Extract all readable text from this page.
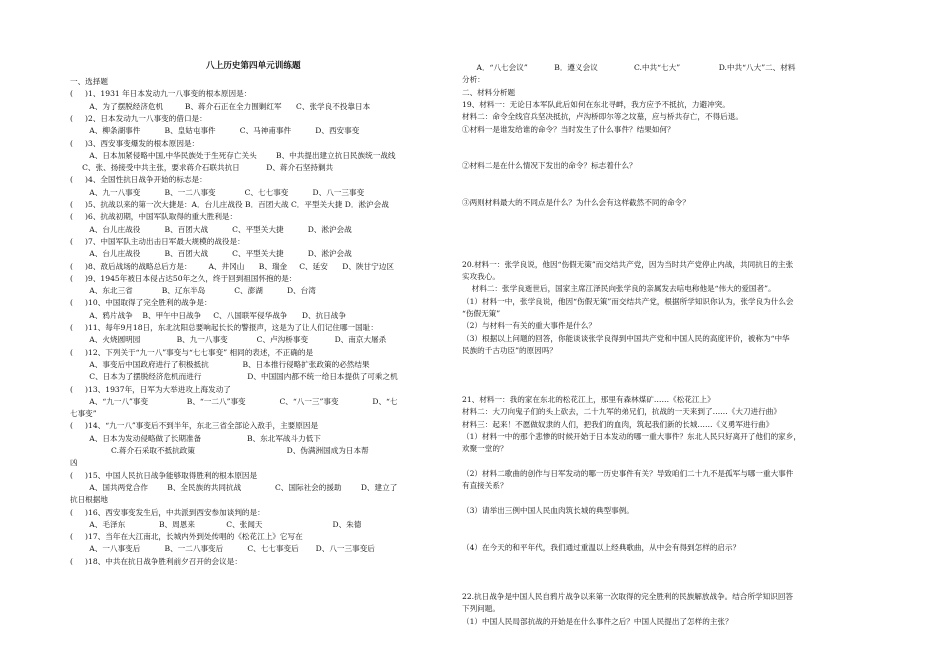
八上历史第四单元训练题
一、选择题
(     )1、1931 年日本发动九一八事变的根本原因是：
A、为了摆脱经济危机         B、蒋介石正在全力围剿红军      C、张学良不投靠日本
(     )2、日本发动九一八事变的借口是：
A、柳条湖事件          B、皇姑屯事件          C、马神甫事件          D、西安事变
(     )3、西安事变爆发的根本原因是：
A、日本加紧侵略中国,中华民族处于生死存亡关头        B、中共提出建立抗日民族统一战线
C、张、扬接受中共主张，要求蒋介石联共抗日           D、蒋介石坚持剿共
(     )4、全国性抗日战争开始的标志是：
A、九一八事变          B、一二八事变            C、七七事变          D、八一三事变
(     )5、抗战以来的第一次大捷是：A．台儿庄战役 B．百团大战 C．平型关大捷 D．淞沪会战
(     )6、抗战初期，中国军队取得的重大胜利是：
A、台儿庄战役          B、百团大战          C、平型关大捷          D、淞沪会战
(     )7、中国军队主动出击日军最大规模的战役是：
A、台儿庄战役          B、百团大战          C、平型关大捷          D、淞沪会战
(     )8、敌后战场的战略总后方是：       A、井冈山      B、瑞金     C、延安      D、陕甘宁边区
(     )9、1945年被日本侵占达50年之久，终于回到祖国怀抱的是：
A、东北三省            B、辽东半岛            C、澎湖          D、台湾
(     )10、中国取得了完全胜利的战争是：
A、鸦片战争    B、甲午中日战争     C、八国联军侵华战争      D、抗日战争
(     )11、每年9月18日，东北沈阳总要响起长长的警报声，这是为了让人们记住哪一国耻：
A、火烧圆明园               B、九一八事变            C、卢沟桥事变           D、南京大屠杀
(     )12、下列关于“九一八”事变与“七七事变” 相同的表述，不正确的是
A、事变后中国政府进行了积极抵抗              B、日本推行侵略扩张政策的必然结果
C、日本为了摆脱经济危机而进行                   D、中国国内都不统一给日本提供了可乘之机
(     )13、1937年，日军为大举进攻上海发动了
A、“九一八”事变                B、“一二八”事变              C、“八一三”事变              D、“七
七事变”
(     )14、“九一八”事变后不到半年，东北三省全部论入敌手，主要原因是
A、日本为发动侵略做了长期准备                   B、东北军战斗力低下
C.蒋介石采取不抵抗政策                                      D、伪满洲国成为日本帮
凶
(     )15、中国人民抗日战争能够取得胜利的根本原因是
A、国共两党合作        B、全民族的共同抗战              C、国际社会的援助        D、建立了
抗日根据地
(     )16、西安事变发生后，中共派到西安参加谈判的是：
A、毛泽东              B、周恩来             C、张闻天                             D、朱德
(     )17、当年在大江南北，长城内外到处传唱的《松花江上》它写在
A、一八事变后          B、一二八事变后          C、七七事变后       D、八一三事变后
(     )18、中共在抗日战争胜利前夕召开的会议是：
A．“八七会议”           B．遵义会议               C.中共“七大”                D.中共“八大”二、材料
分析：
二、材料分析题
19、材料一：无论日本军队此后如何在东北寻衅，我方应予不抵抗，力避冲突。
材料二：命令全线官兵坚决抵抗，卢沟桥即尔等之坟墓，应与桥共存亡，不得后退。
①材料一是谁发给谁的命令？当时发生了什么事件？结果如何？
②材料二是在什么情况下发出的命令？标志着什么？
③两则材料最大的不同点是什么？为什么会有这样截然不同的命令？
20.材料一：张学良说，他因“伤假无策”而交结共产党，因为当时共产党停止内战，共同抗日的主张
实攻我心。
材料二：张学良逝世后，国家主席江泽民向张学良的亲属发去唁电称他是“伟大的爱国者”。
（1）材料一中，张学良说，他因“伤假无策”而交结共产党，根据所学知识你认为，张学良为什么会
“伤假无策”
（2）与材料一有关的重大事件是什么？
（3）根据以上问题的回答，你能谈谈张学良得到中国共产党和中国人民的高度评价，被称为“中华
民族的千古功臣”的原因吗？
21、材料一：我的家在东北的松花江上，那里有森林煤矿……《松花江上》
材料二：大刀向鬼子们的头上砍去，二十九军的弟兄们，抗战的一天来到了……《大刀进行曲》
材料三：起来！不愿做奴隶的人们，把我们的血肉，筑起我们新的长城……《义勇军进行曲》
（1）材料一中的那个悲惨的时候开始于日本发动的哪一重大事件？东北人民只好离开了他们的家乡，
欢聚一堂的？
（2）材料二歌曲的创作与日军发动的哪一历史事件有关？导致咱们二十九不是孤军与哪一重大事件
有直接关系？
（3）请举出三例中国人民血肉筑长城的典型事例。
（4）在今天的和平年代，我们通过重温以上经典歌曲，从中会有得到怎样的启示？
22.抗日战争是中国人民自鸦片战争以来第一次取得的完全胜利的民族解放战争。结合所学知识回答
下列问题。
（1）中国人民局部抗战的开始是在什么事件之后？中国人民提出了怎样的主张？
